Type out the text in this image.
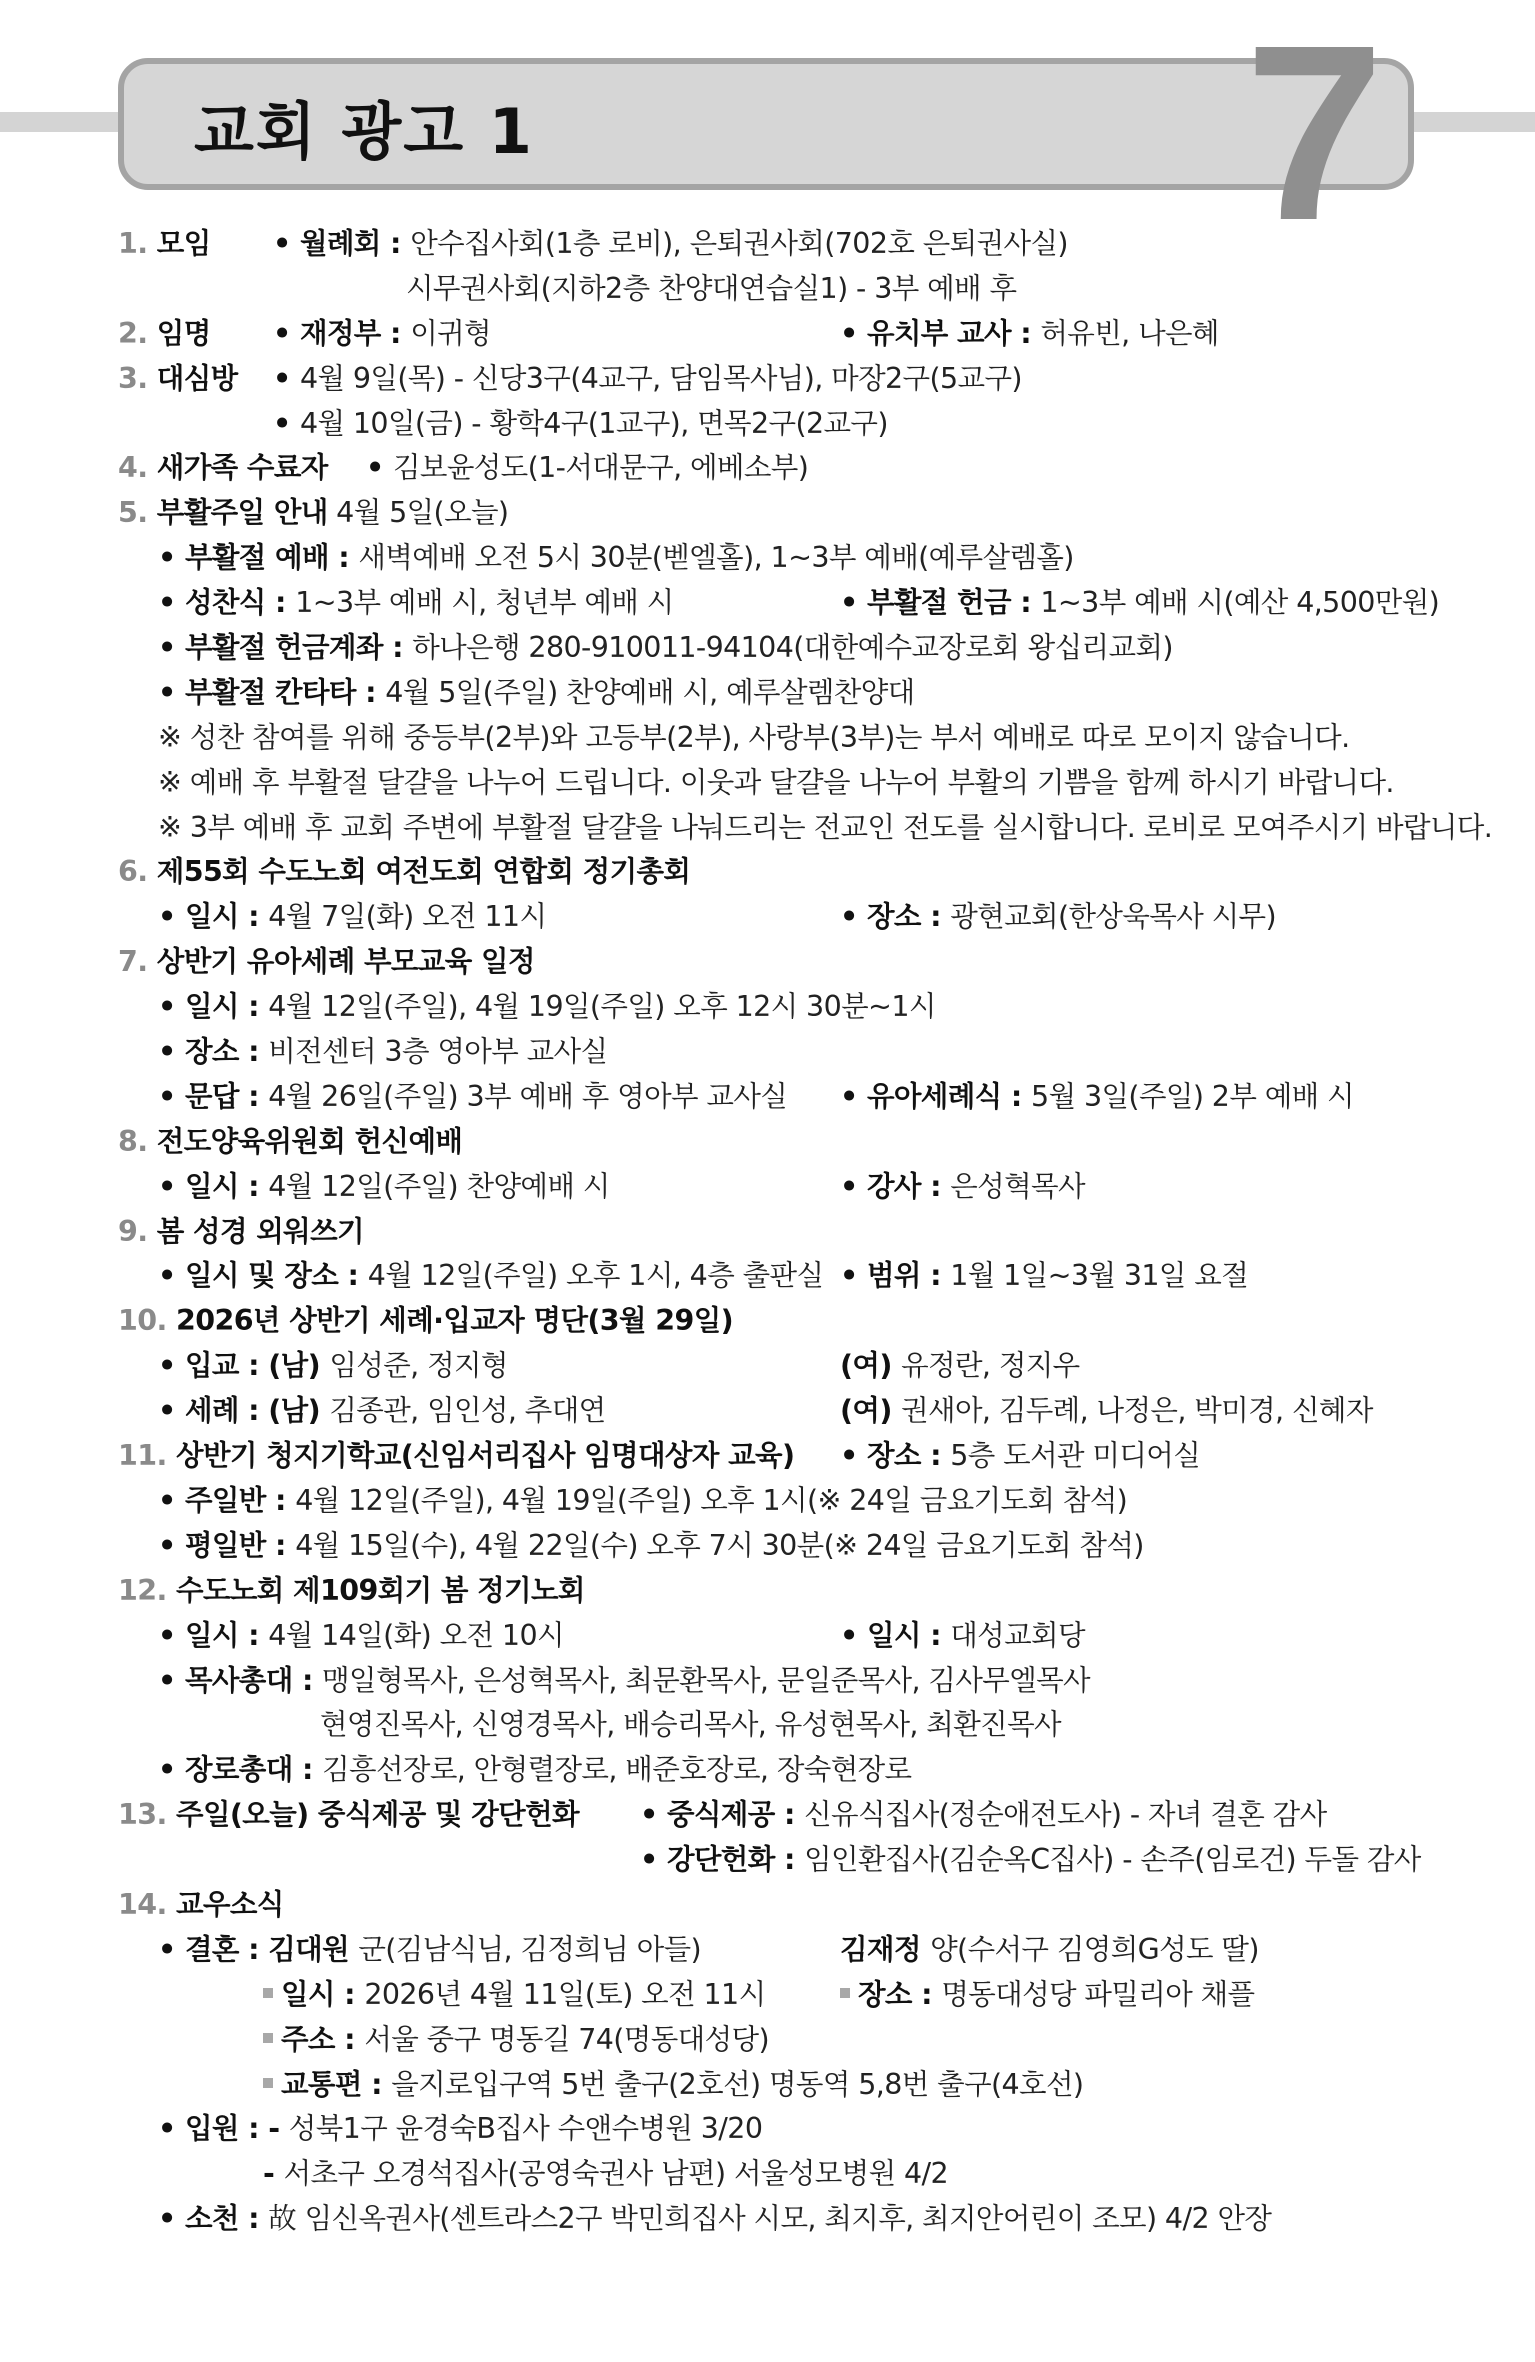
교회 광고 1	7
1. 모임 • 월례회 : 안수집사회(1층 로비), 은퇴권사회(702호 은퇴권사실)
시무권사회(지하2층 찬양대연습실1) - 3부 예배 후
2. 임명 • 재정부 : 이귀형	• 유치부 교사 : 허유빈, 나은혜
3. 대심방 • 4월 9일(목) - 신당3구(4교구, 담임목사님), 마장2구(5교구)
• 4월 10일(금) - 황학4구(1교구), 면목2구(2교구)
4. 새가족 수료자 • 김보윤성도(1-서대문구, 에베소부)
5. 부활주일 안내 4월 5일(오늘)
• 부활절 예배 : 새벽예배 오전 5시 30분(벧엘홀), 1~3부 예배(예루살렘홀)
• 성찬식 : 1~3부 예배 시, 청년부 예배 시	• 부활절 헌금 : 1~3부 예배 시(예산 4,500만원)
• 부활절 헌금계좌 : 하나은행 280-910011-94104(대한예수교장로회 왕십리교회)
• 부활절 칸타타 : 4월 5일(주일) 찬양예배 시, 예루살렘찬양대
※ 성찬 참여를 위해 중등부(2부)와 고등부(2부), 사랑부(3부)는 부서 예배로 따로 모이지 않습니다.
※ 예배 후 부활절 달걀을 나누어 드립니다. 이웃과 달걀을 나누어 부활의 기쁨을 함께 하시기 바랍니다.
※ 3부 예배 후 교회 주변에 부활절 달걀을 나눠드리는 전교인 전도를 실시합니다. 로비로 모여주시기 바랍니다.
6. 제55회 수도노회 여전도회 연합회 정기총회
• 일시 : 4월 7일(화) 오전 11시	• 장소 : 광현교회(한상욱목사 시무)
7. 상반기 유아세례 부모교육 일정
• 일시 : 4월 12일(주일), 4월 19일(주일) 오후 12시 30분~1시
• 장소 : 비전센터 3층 영아부 교사실
• 문답 : 4월 26일(주일) 3부 예배 후 영아부 교사실 • 유아세례식 : 5월 3일(주일) 2부 예배 시
8. 전도양육위원회 헌신예배
• 일시 : 4월 12일(주일) 찬양예배 시	• 강사 : 은성혁목사
9. 봄 성경 외워쓰기
• 일시 및 장소 : 4월 12일(주일) 오후 1시, 4층 출판실 • 범위 : 1월 1일~3월 31일 요절
10. 2026년 상반기 세례·입교자 명단(3월 29일)
• 입교 : (남) 임성준, 정지형	(여) 유정란, 정지우
• 세례 : (남) 김종관, 임인성, 추대연	(여) 권새아, 김두례, 나정은, 박미경, 신혜자
11. 상반기 청지기학교(신임서리집사 임명대상자 교육) • 장소 : 5층 도서관 미디어실
• 주일반 : 4월 12일(주일), 4월 19일(주일) 오후 1시(※ 24일 금요기도회 참석)
• 평일반 : 4월 15일(수), 4월 22일(수) 오후 7시 30분(※ 24일 금요기도회 참석)
12. 수도노회 제109회기 봄 정기노회
• 일시 : 4월 14일(화) 오전 10시	• 일시 : 대성교회당
• 목사총대 : 맹일형목사, 은성혁목사, 최문환목사, 문일준목사, 김사무엘목사
현영진목사, 신영경목사, 배승리목사, 유성현목사, 최환진목사
• 장로총대 : 김흥선장로, 안형렬장로, 배준호장로, 장숙현장로
13. 주일(오늘) 중식제공 및 강단헌화 • 중식제공 : 신유식집사(정순애전도사) - 자녀 결혼 감사
• 강단헌화 : 임인환집사(김순옥C집사) - 손주(임로건) 두돌 감사
14. 교우소식
• 결혼 : 김대원 군(김남식님, 김정희님 아들)	김재정 양(수서구 김영희G성도 딸)
일시 : 2026년 4월 11일(토) 오전 11시	장소 : 명동대성당 파밀리아 채플
주소 : 서울 중구 명동길 74(명동대성당)
교통편 : 을지로입구역 5번 출구(2호선) 명동역 5,8번 출구(4호선)
• 입원 : - 성북1구 윤경숙B집사 수앤수병원 3/20
- 서초구 오경석집사(공영숙권사 남편) 서울성모병원 4/2
• 소천 : 故 임신옥권사(센트라스2구 박민희집사 시모, 최지후, 최지안어린이 조모) 4/2 안장
